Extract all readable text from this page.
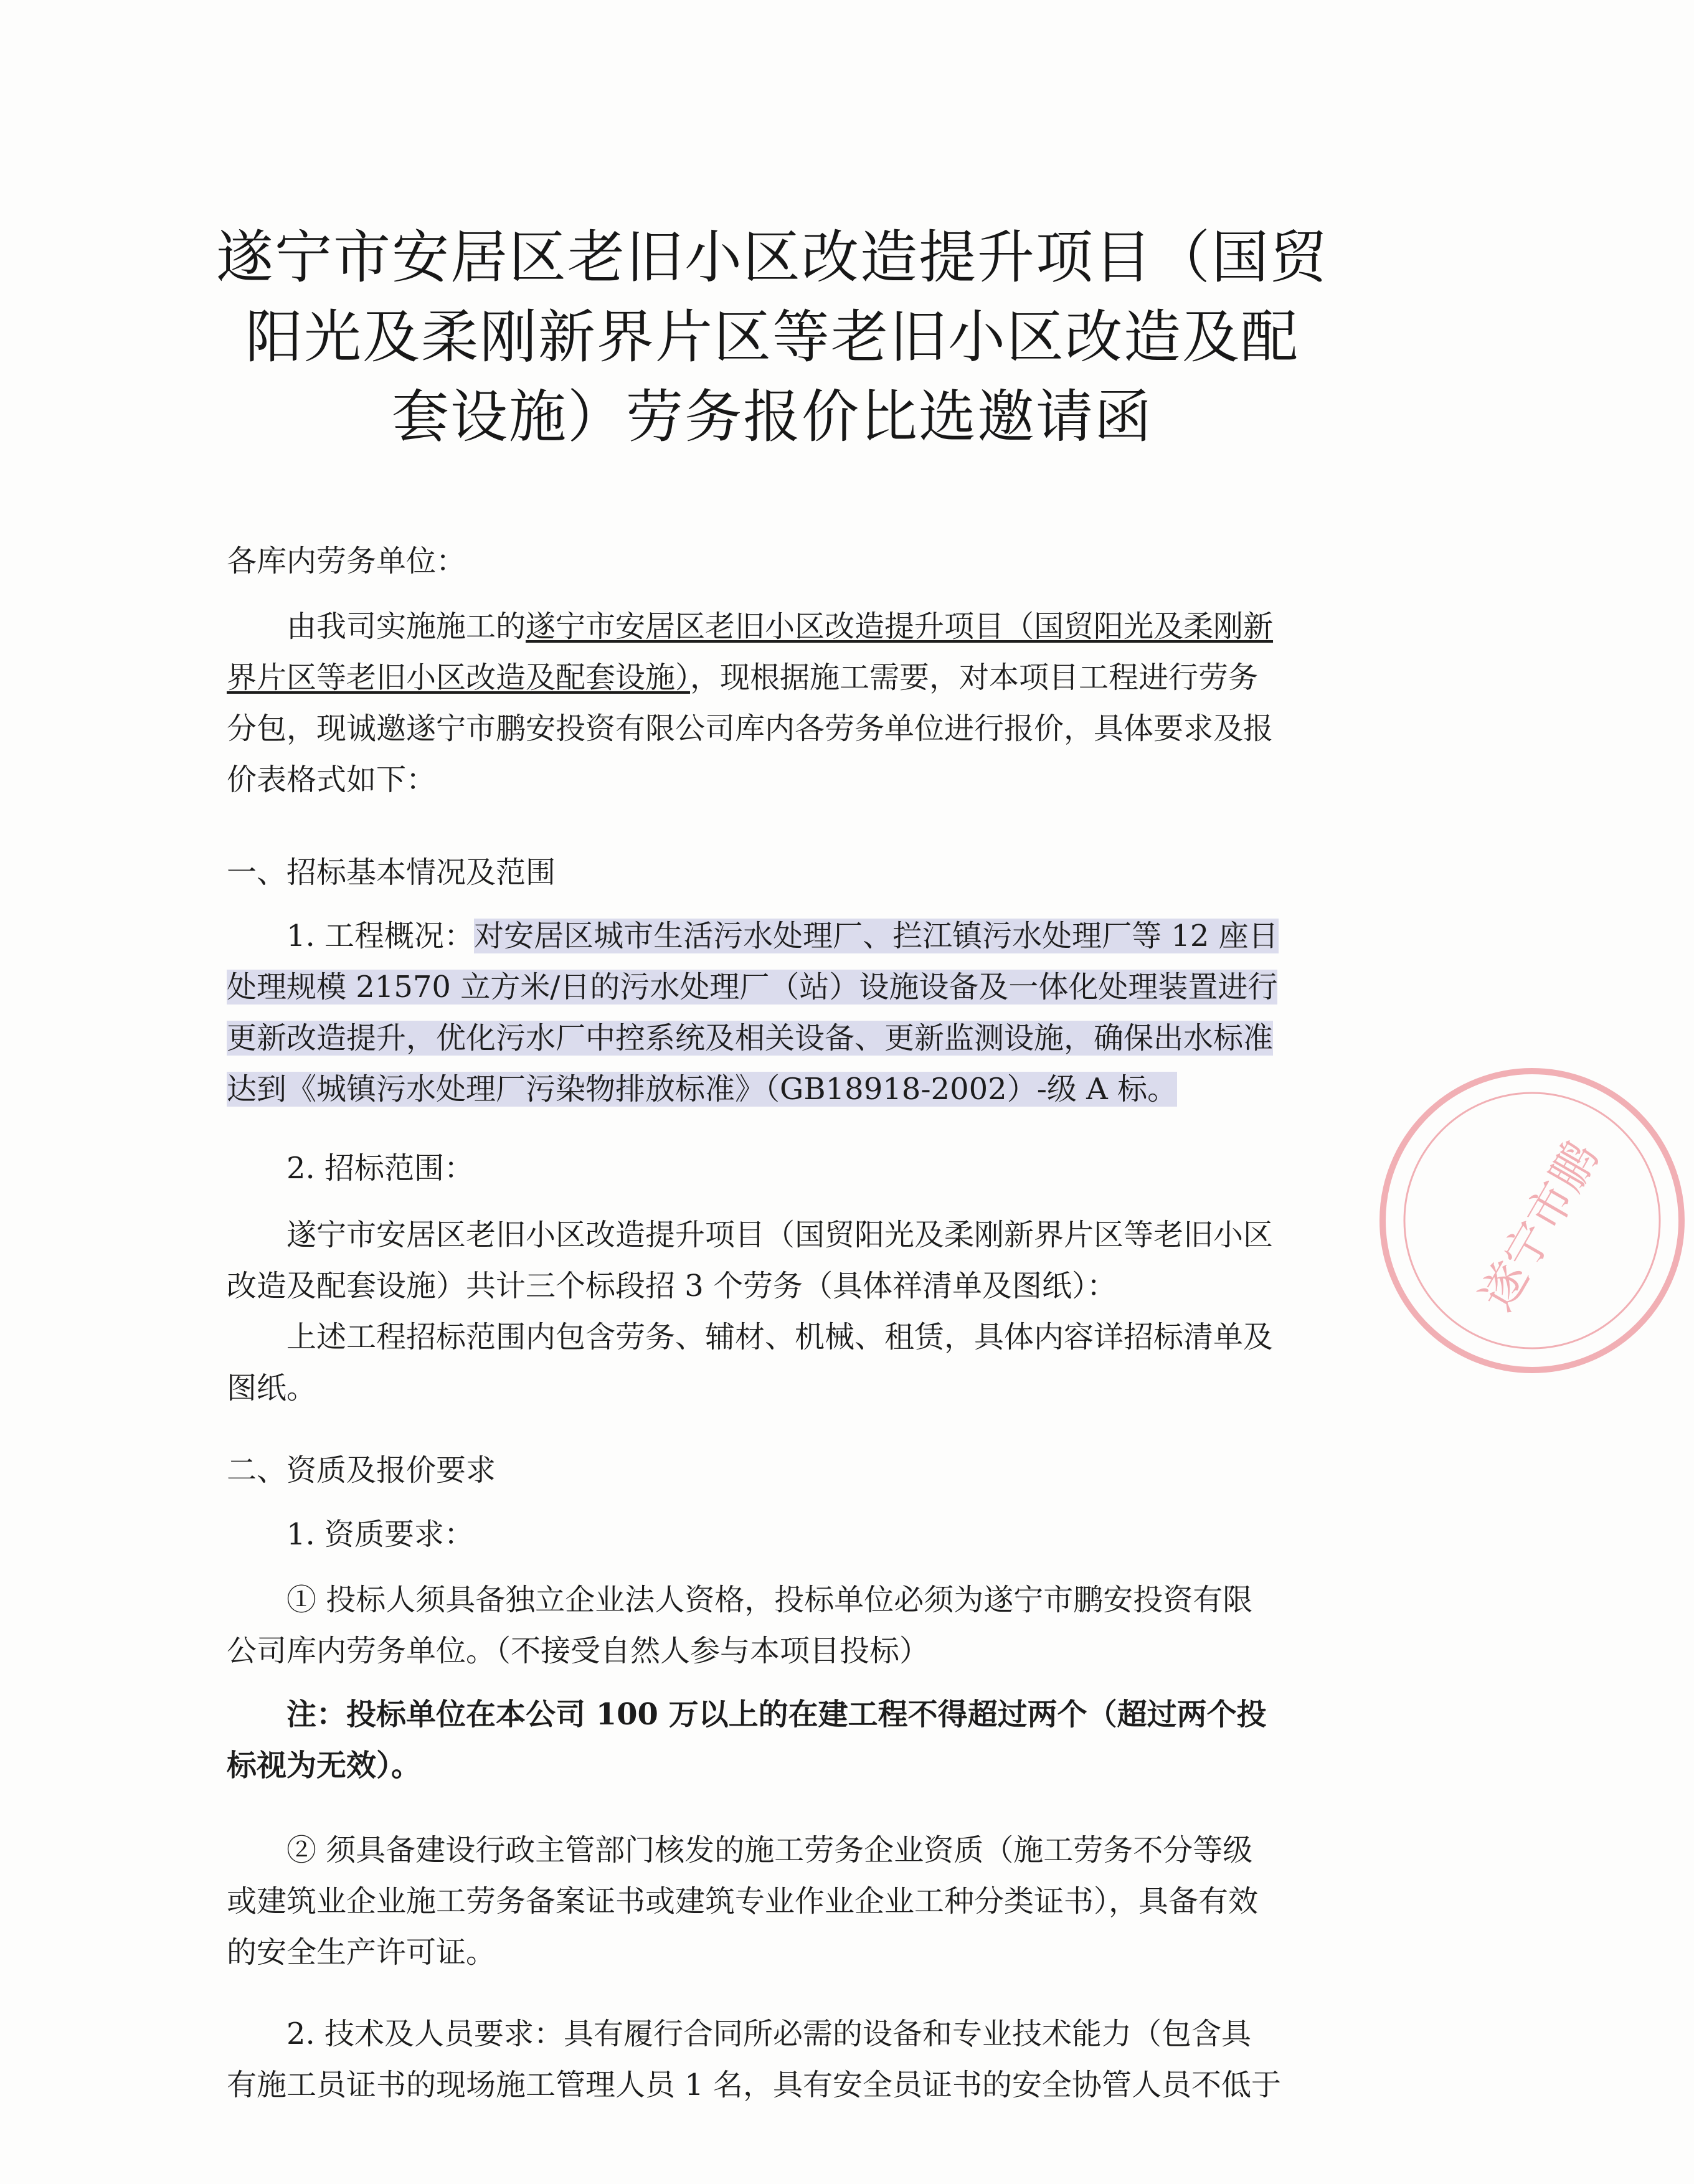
遂宁市安居区老旧小区改造提升项目（国贸
阳光及柔刚新界片区等老旧小区改造及配
套设施）劳务报价比选邀请函
各库内劳务单位：
由我司实施施工的遂宁市安居区老旧小区改造提升项目（国贸阳光及柔刚新
界片区等老旧小区改造及配套设施），现根据施工需要，对本项目工程进行劳务
分包，现诚邀遂宁市鹏安投资有限公司库内各劳务单位进行报价，具体要求及报
价表格式如下：
一、招标基本情况及范围
1. 工程概况：对安居区城市生活污水处理厂、拦江镇污水处理厂等 12 座日
处理规模 21570 立方米/日的污水处理厂（站）设施设备及一体化处理装置进行
更新改造提升，优化污水厂中控系统及相关设备、更新监测设施，确保出水标准
达到《城镇污水处理厂污染物排放标准》（GB18918-2002）-级 A 标。
2. 招标范围：
遂宁市安居区老旧小区改造提升项目（国贸阳光及柔刚新界片区等老旧小区
改造及配套设施）共计三个标段招 3 个劳务（具体祥清单及图纸）：
上述工程招标范围内包含劳务、辅材、机械、租赁，具体内容详招标清单及
图纸。
二、资质及报价要求
1. 资质要求：
① 投标人须具备独立企业法人资格，投标单位必须为遂宁市鹏安投资有限
公司库内劳务单位。（不接受自然人参与本项目投标）
注：投标单位在本公司 100 万以上的在建工程不得超过两个（超过两个投
标视为无效）。
② 须具备建设行政主管部门核发的施工劳务企业资质（施工劳务不分等级
或建筑业企业施工劳务备案证书或建筑专业作业企业工种分类证书），具备有效
的安全生产许可证。
2. 技术及人员要求：具有履行合同所必需的设备和专业技术能力（包含具
有施工员证书的现场施工管理人员 1 名，具有安全员证书的安全协管人员不低于
遂宁市鹏
